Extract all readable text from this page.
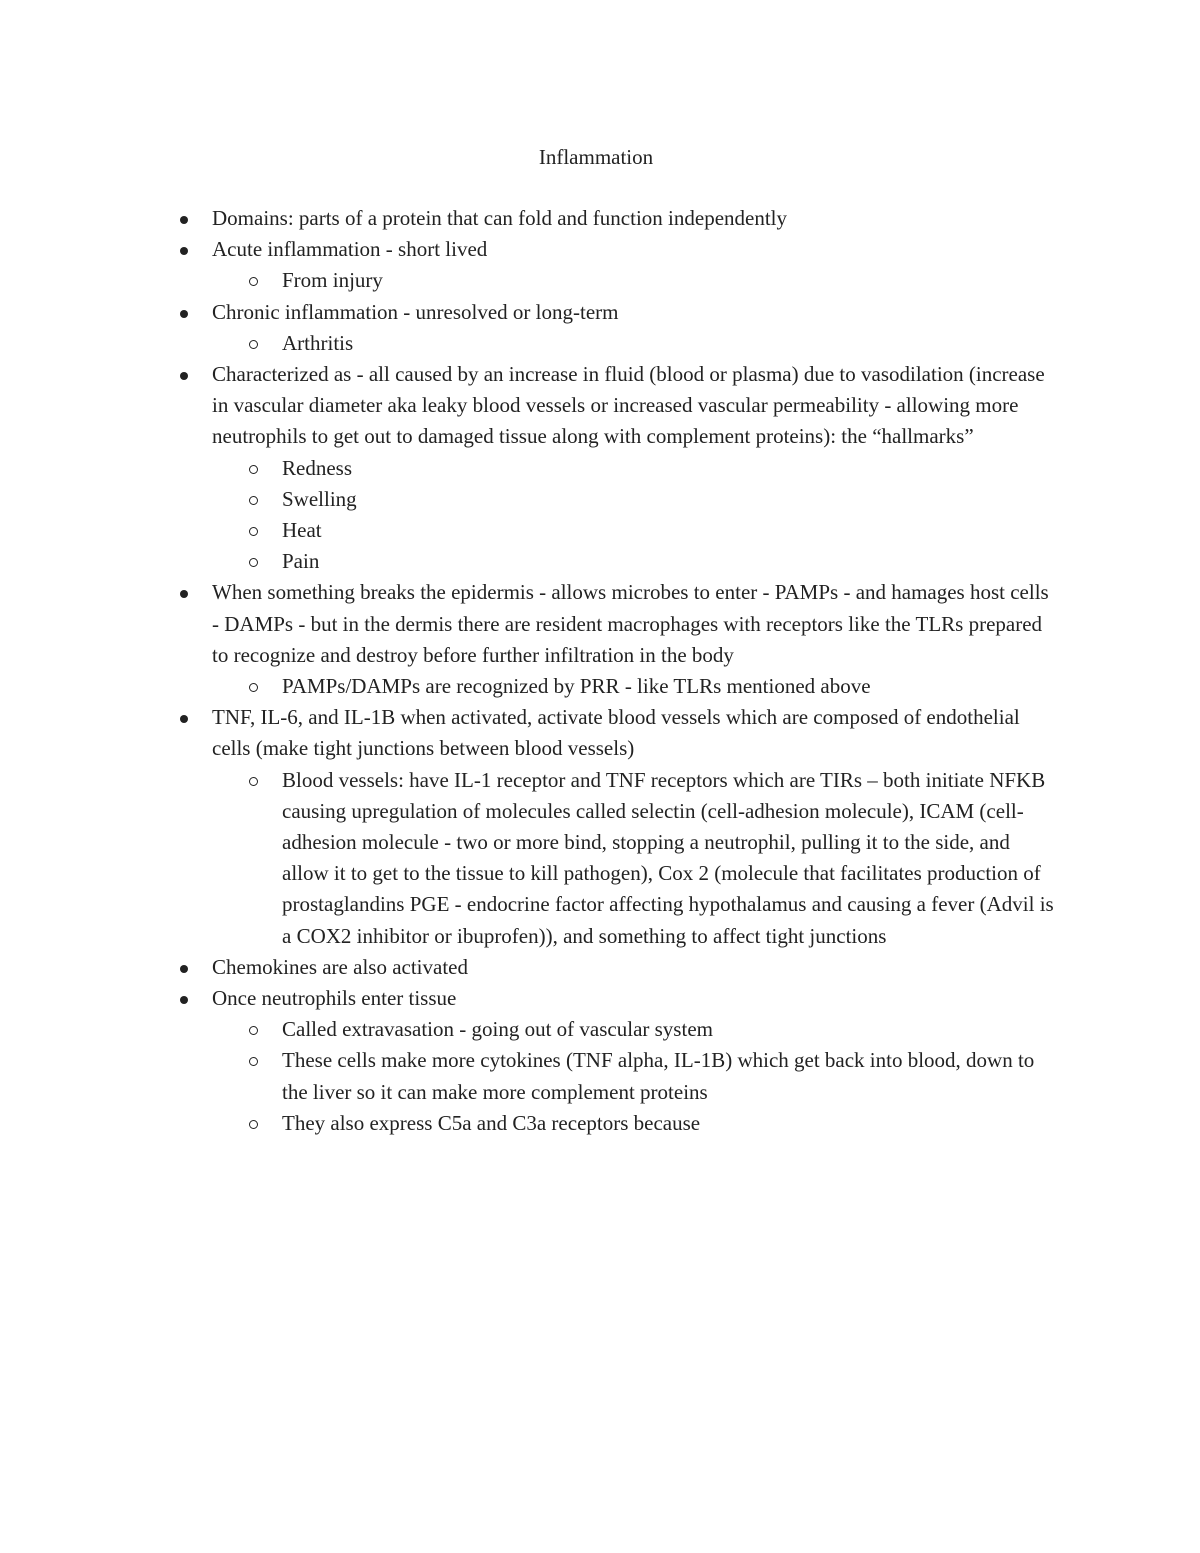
Inflammation
Domains: parts of a protein that can fold and function independently
Acute inflammation - short lived
From injury
Chronic inflammation - unresolved or long-term
Arthritis
Characterized as - all caused by an increase in fluid (blood or plasma) due to vasodilation (increase in vascular diameter aka leaky blood vessels or increased vascular permeability - allowing more neutrophils to get out to damaged tissue along with complement proteins): the “hallmarks”
Redness
Swelling
Heat
Pain
When something breaks the epidermis - allows microbes to enter - PAMPs - and hamages host cells - DAMPs - but in the dermis there are resident macrophages with receptors like the TLRs prepared to recognize and destroy before further infiltration in the body
PAMPs/DAMPs are recognized by PRR - like TLRs mentioned above
TNF, IL-6, and IL-1B when activated, activate blood vessels which are composed of endothelial cells (make tight junctions between blood vessels)
Blood vessels: have IL-1 receptor and TNF receptors which are TIRs – both initiate NFKB causing upregulation of molecules called selectin (cell-adhesion molecule), ICAM (cell-adhesion molecule - two or more bind, stopping a neutrophil, pulling it to the side, and allow it to get to the tissue to kill pathogen), Cox 2 (molecule that facilitates production of prostaglandins PGE - endocrine factor affecting hypothalamus and causing a fever (Advil is a COX2 inhibitor or ibuprofen)), and something to affect tight junctions
Chemokines are also activated
Once neutrophils enter tissue
Called extravasation - going out of vascular system
These cells make more cytokines (TNF alpha, IL-1B) which get back into blood, down to the liver so it can make more complement proteins
They also express C5a and C3a receptors because
